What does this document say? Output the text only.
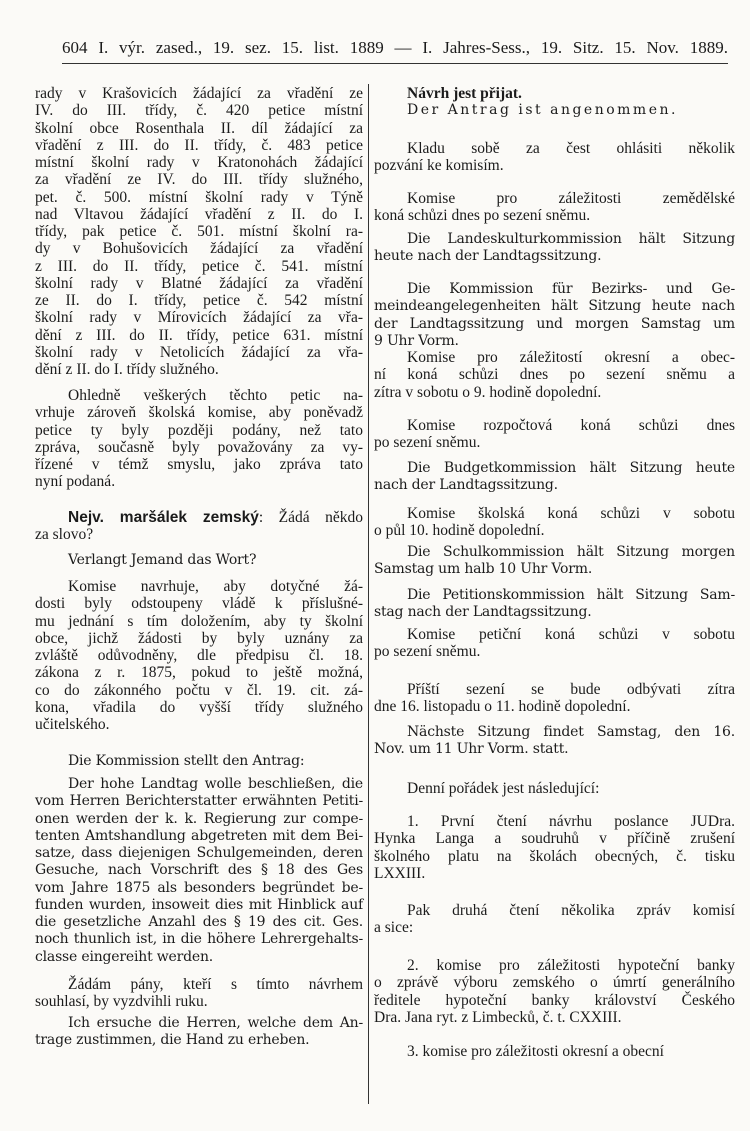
604 I. výr. zased., 19. sez. 15. list. 1889 — I. Jahres-Sess., 19. Sitz. 15. Nov. 1889.
rady v Krašovicích žádající za vřadění ze
IV. do III. třídy, č. 420 petice místní
školní obce Rosenthala II. díl žádající za
vřadění z III. do II. třídy, č. 483 petice
místní školní rady v Kratonohách žádající
za vřadění ze IV. do III. třídy služného,
pet. č. 500. místní školní rady v Týně
nad Vltavou žádající vřadění z II. do I.
třídy, pak petice č. 501. místní školní ra-
dy v Bohušovicích žádající za vřadění
z III. do II. třídy, petice č. 541. místní
školní rady v Blatné žádající za vřadění
ze II. do I. třídy, petice č. 542 místní
školní rady v Mírovicích žádající za vřa-
dění z III. do II. třídy, petice 631. místní
školní rady v Netolicích žádající za vřa-
dění z II. do I. třídy služného.
Ohledně veškerých těchto petic na-
vrhuje zároveň školská komise, aby poněvadž
petice ty byly později podány, než tato
zpráva, současně byly považovány za vy-
řízené v témž smyslu, jako zpráva tato
nyní podaná.
Nejv. maršálek zemský: Žádá někdo
za slovo?
Verlangt Jemand das Wort?
Komise navrhuje, aby dotyčné žá-
dosti byly odstoupeny vládě k příslušné-
mu jednání s tím doložením, aby ty školní
obce, jichž žádosti by byly uznány za
zvláště odůvodněny, dle předpisu čl. 18.
zákona z r. 1875, pokud to ještě možná,
co do zákonného počtu v čl. 19. cit. zá-
kona, vřadila do vyšší třídy služného
učitelského.
Die Kommission stellt den Antrag:
Der hohe Landtag wolle beschließen, die
vom Herren Berichterstatter erwähnten Petiti-
onen werden der k. k. Regierung zur compe-
tenten Amtshandlung abgetreten mit dem Bei-
satze, dass diejenigen Schulgemeinden, deren
Gesuche, nach Vorschrift des § 18 des Ges
vom Jahre 1875 als besonders begründet be-
funden wurden, insoweit dies mit Hinblick auf
die gesetzliche Anzahl des § 19 des cit. Ges.
noch thunlich ist, in die höhere Lehrergehalts-
classe eingereiht werden.
Žádám pány, kteří s tímto návrhem
souhlasí, by vyzdvihli ruku.
Ich ersuche die Herren, welche dem An-
trage zustimmen, die Hand zu erheben.
Návrh jest přijat.
Der Antrag ist angenommen.
Kladu sobě za čest ohlásiti několik
pozvání ke komisím.
Komise pro záležitosti zemědělské
koná schůzi dnes po sezení sněmu.
Die Landeskulturkommission hält Sitzung
heute nach der Landtagssitzung.
Die Kommission für Bezirks- und Ge-
meindeangelegenheiten hält Sitzung heute nach
der Landtagssitzung und morgen Samstag um
9 Uhr Vorm.
Komise pro záležitostí okresní a obec-
ní koná schůzi dnes po sezení sněmu a
zítra v sobotu o 9. hodině dopolední.
Komise rozpočtová koná schůzi dnes
po sezení sněmu.
Die Budgetkommission hält Sitzung heute
nach der Landtagssitzung.
Komise školská koná schůzi v sobotu
o půl 10. hodině dopolední.
Die Schulkommission hält Sitzung morgen
Samstag um halb 10 Uhr Vorm.
Die Petitionskommission hält Sitzung Sam-
stag nach der Landtagssitzung.
Komise petiční koná schůzi v sobotu
po sezení sněmu.
Příští sezení se bude odbývati zítra
dne 16. listopadu o 11. hodině dopolední.
Nächste Sitzung findet Samstag, den 16.
Nov. um 11 Uhr Vorm. statt.
Denní pořádek jest následující:
1. První čtení návrhu poslance JUDra.
Hynka Langa a soudruhů v příčině zrušení
školného platu na školách obecných, č. tisku
LXXIII.
Pak druhá čtení několika zpráv komisí
a sice:
2. komise pro záležitosti hypoteční banky
o zprávě výboru zemského o úmrtí generálního
ředitele hypoteční banky království Českého
Dra. Jana ryt. z Limbecků, č. t. CXXIII.
3. komise pro záležitosti okresní a obecní
